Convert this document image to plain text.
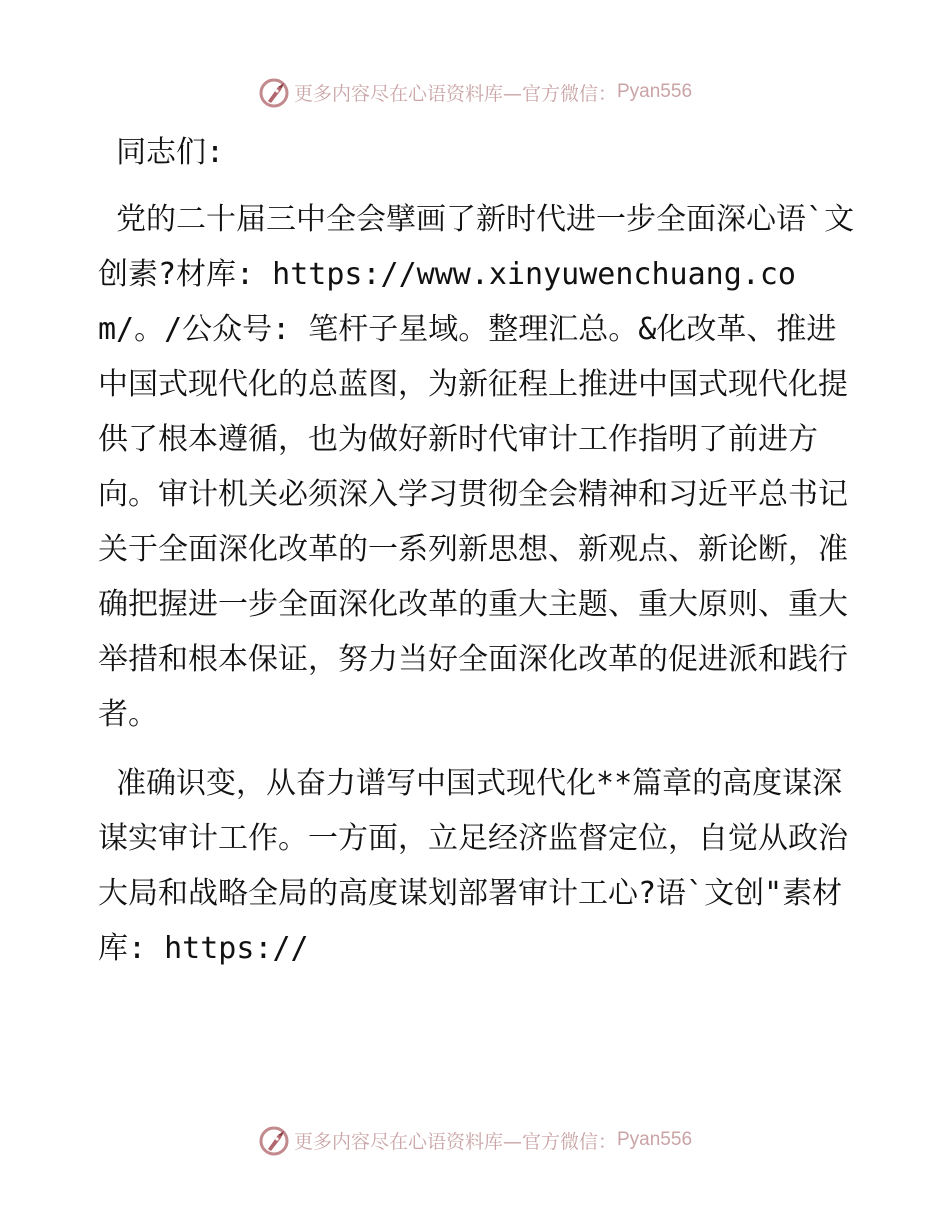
更多内容尽在心语资料库—官方微信： Pyan556

同志们:

党的二十届三中全会擘画了新时代进一步全面深心语`文创素?材库: https://www.xinyuwenchuang.com/。/公众号: 笔杆子星域。整理汇总。&化改革、推进中国式现代化的总蓝图，为新征程上推进中国式现代化提供了根本遵循，也为做好新时代审计工作指明了前进方向。审计机关必须深入学习贯彻全会精神和习近平总书记关于全面深化改革的一系列新思想、新观点、新论断，准确把握进一步全面深化改革的重大主题、重大原则、重大举措和根本保证，努力当好全面深化改革的促进派和践行者。

准确识变，从奋力谱写中国式现代化**篇章的高度谋深谋实审计工作。一方面，立足经济监督定位，自觉从政治大局和战略全局的高度谋划部署审计工心?语`文创"素材库: https://

更多内容尽在心语资料库—官方微信： Pyan556
